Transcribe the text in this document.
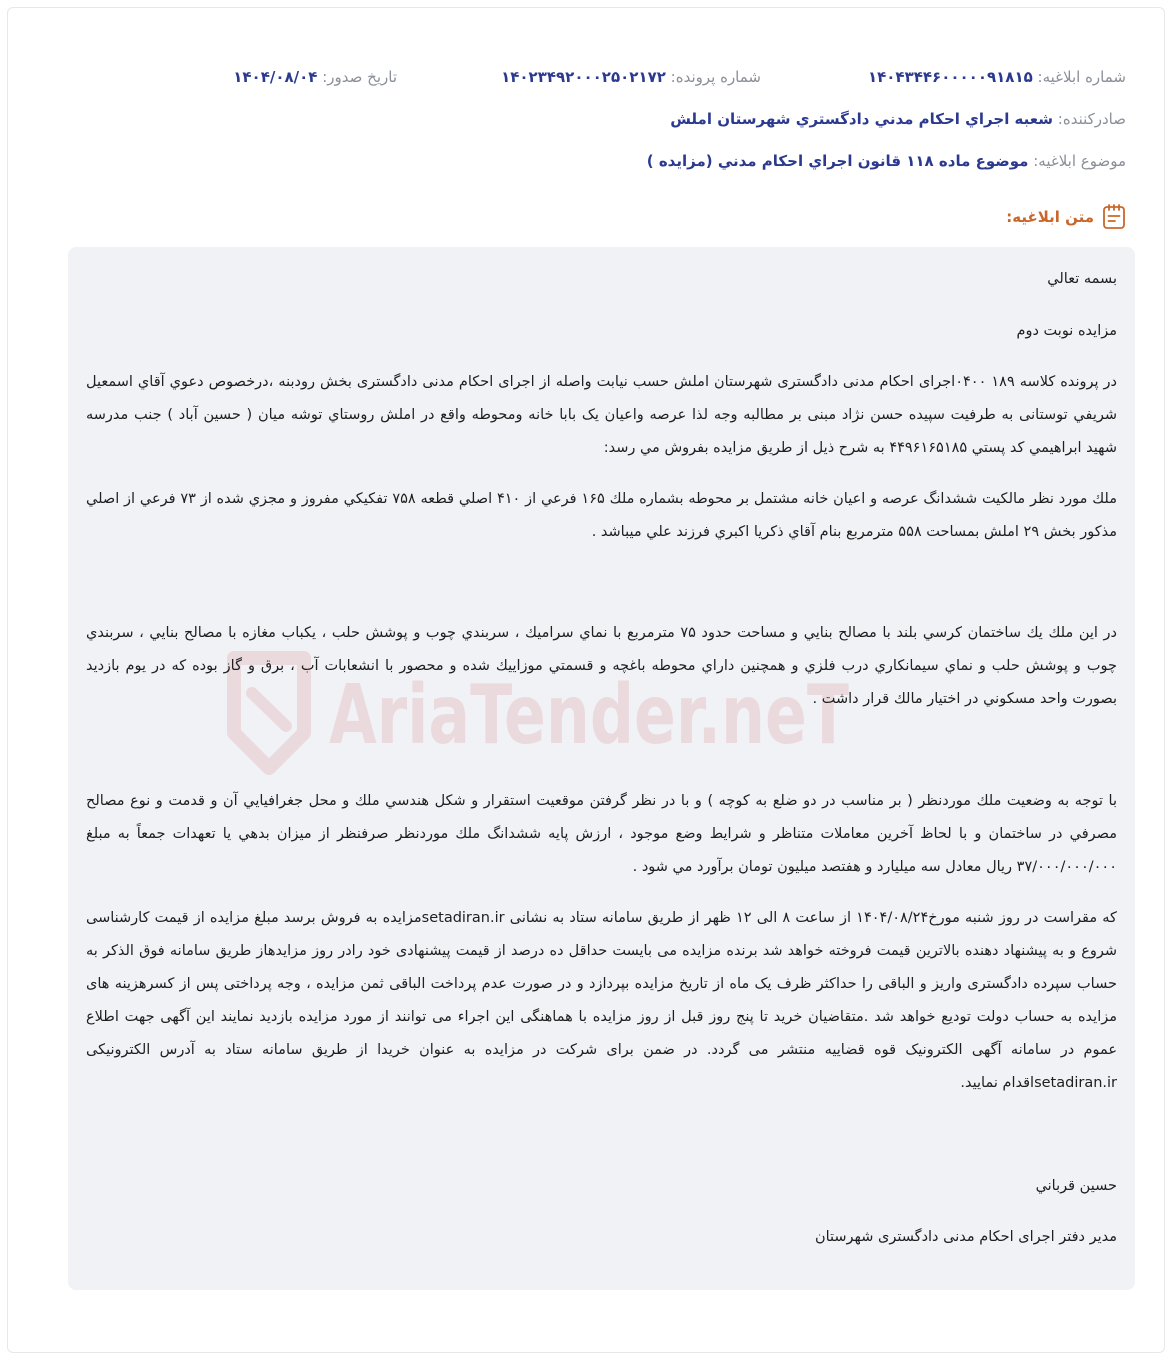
شماره ابلاغیه: ۱۴۰۴۳۴۴۶۰۰۰۰۰۹۱۸۱۵
شماره پرونده: ۱۴۰۲۳۴۹۲۰۰۰۲۵۰۲۱۷۲
تاریخ صدور: ۱۴۰۴/۰۸/۰۴
صادرکننده: شعبه اجراي احكام مدني دادگستري شهرستان املش
موضوع ابلاغیه: موضوع ماده ۱۱۸ قانون اجراي احكام مدني (مزايده )
متن ابلاغیه:
AriaTender.neT
بسمه تعالي
مزايده نوبت دوم
در پرونده کلاسه ۱۸۹ ۰۴۰۰اجرای احکام مدنی دادگستری شهرستان املش حسب نیابت واصله از اجرای احکام مدنی دادگستری بخش رودبنه ،درخصوص دعوي آقاي اسمعيل شريفي توستانی به طرفيت سپیده حسن نژاد مبنی بر مطالبه وجه لذا عرصه واعيان يک بابا خانه ومحوطه واقع در املش روستاي توشه میان ( حسین آباد ) جنب مدرسه شهيد ابراهيمي كد پستي ۴۴۹۶۱۶۵۱۸۵ به شرح ذيل از طريق مزايده بفروش مي رسد:
ملك مورد نظر مالكيت ششدانگ عرصه و اعيان خانه مشتمل بر محوطه بشماره ملك ۱۶۵ فرعي از ۴۱۰ اصلي قطعه ۷۵۸ تفكيكي مفروز و مجزي شده از ۷۳ فرعي از اصلي مذكور بخش ۲۹ املش بمساحت ۵۵۸ مترمربع بنام آقاي ذكريا اكبري فرزند علي ميباشد .
در اين ملك يك ساختمان كرسي بلند با مصالح بنايي و مساحت حدود ۷۵ مترمربع با نماي سراميك ، سربندي چوب و پوشش حلب ، يكباب مغازه با مصالح بنايي ، سربندي چوب و پوشش حلب و نماي سيمانكاري درب فلزي و همچنين داراي محوطه باغچه و قسمتي موزاييك شده و محصور با انشعابات آب ، برق و گاز بوده كه در يوم بازديد بصورت واحد مسكوني در اختيار مالك قرار داشت .
با توجه به وضعيت ملك موردنظر ( بر مناسب در دو ضلع به كوچه ) و با در نظر گرفتن موقعيت استقرار و شكل هندسي ملك و محل جغرافيايي آن و قدمت و نوع مصالح مصرفي در ساختمان و با لحاظ آخرين معاملات متناظر و شرايط وضع موجود ، ارزش پايه ششدانگ ملك موردنظر صرفنظر از ميزان بدهي يا تعهدات جمعاً به مبلغ ۳۷/۰۰۰/۰۰۰/۰۰۰ ريال معادل سه ميليارد و هفتصد ميليون تومان برآورد مي شود .
که مقراست در روز شنبه مورخ۱۴۰۴/۰۸/۲۴ از ساعت ۸ الی ۱۲ ظهر از طریق سامانه ستاد به نشانی setadiran.irمزایده به فروش برسد مبلغ مزایده از قیمت کارشناسی شروع و به پیشنهاد دهنده بالاترین قیمت فروخته خواهد شد برنده مزایده می بایست حداقل ده درصد از قیمت پیشنهادی خود رادر روز مزایدهاز طریق سامانه فوق الذکر به حساب سپرده دادگستری واریز و الباقی را حداکثر ظرف یک ماه از تاریخ مزایده بپردازد و در صورت عدم پرداخت الباقی ثمن مزایده ، وجه پرداختی پس از کسرهزینه های مزایده به حساب دولت تودیع خواهد شد .متقاضیان خرید تا پنج روز قبل از روز مزایده با هماهنگی این اجراء می توانند از مورد مزایده بازدید نمایند این آگهی جهت اطلاع عموم در سامانه آگهی الکترونیک قوه قضاییه منتشر می گردد. در ضمن برای شرکت در مزایده به عنوان خریدا از طریق سامانه ستاد به آدرس الکترونیکی setadiran.irاقدام نمایید.
حسين قرباني
مدیر دفتر اجرای احکام مدنی دادگستری شهرستان
